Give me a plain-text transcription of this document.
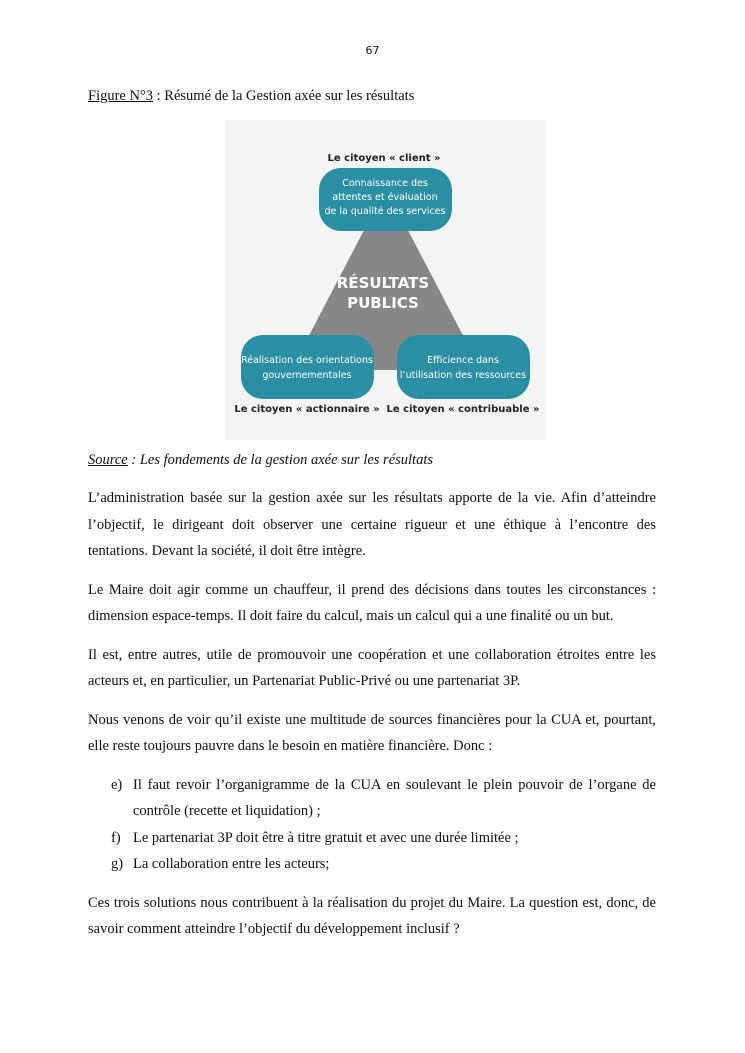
67
Figure N°3 : Résumé de la Gestion axée sur les résultats
RÉSULTATS
PUBLICS
Le citoyen « client »
Connaissance des
attentes et évaluation
de la qualité des services
Réalisation des orientations
gouvernementales
Le citoyen « actionnaire »
Efficience dans
l’utilisation des ressources
Le citoyen « contribuable »
Source : Les fondements de la gestion axée sur les résultats

L’administration basée sur la gestion axée sur les résultats apporte de la vie. Afin d’atteindre l’objectif, le dirigeant doit observer une certaine rigueur et une éthique à l’encontre des tentations. Devant la société, il doit être intègre.

Le Maire doit agir comme un chauffeur, il prend des décisions dans toutes les circonstances : dimension espace-temps. Il doit faire du calcul, mais un calcul qui a une finalité ou un but.

Il est, entre autres, utile de promouvoir une coopération et une collaboration étroites entre les acteurs et, en particulier, un Partenariat Public-Privé ou une partenariat 3P.

Nous venons de voir qu’il existe une multitude de sources financières pour la CUA et, pourtant, elle reste toujours pauvre dans le besoin en matière financière. Donc :

e) Il faut revoir l’organigramme de la CUA en soulevant le plein pouvoir de l’organe de contrôle (recette et liquidation) ;
f) Le partenariat 3P doit être à titre gratuit et avec une durée limitée ;
g) La collaboration entre les acteurs;

Ces trois solutions nous contribuent à la réalisation du projet du Maire. La question est, donc, de savoir comment atteindre l’objectif du développement inclusif ?
